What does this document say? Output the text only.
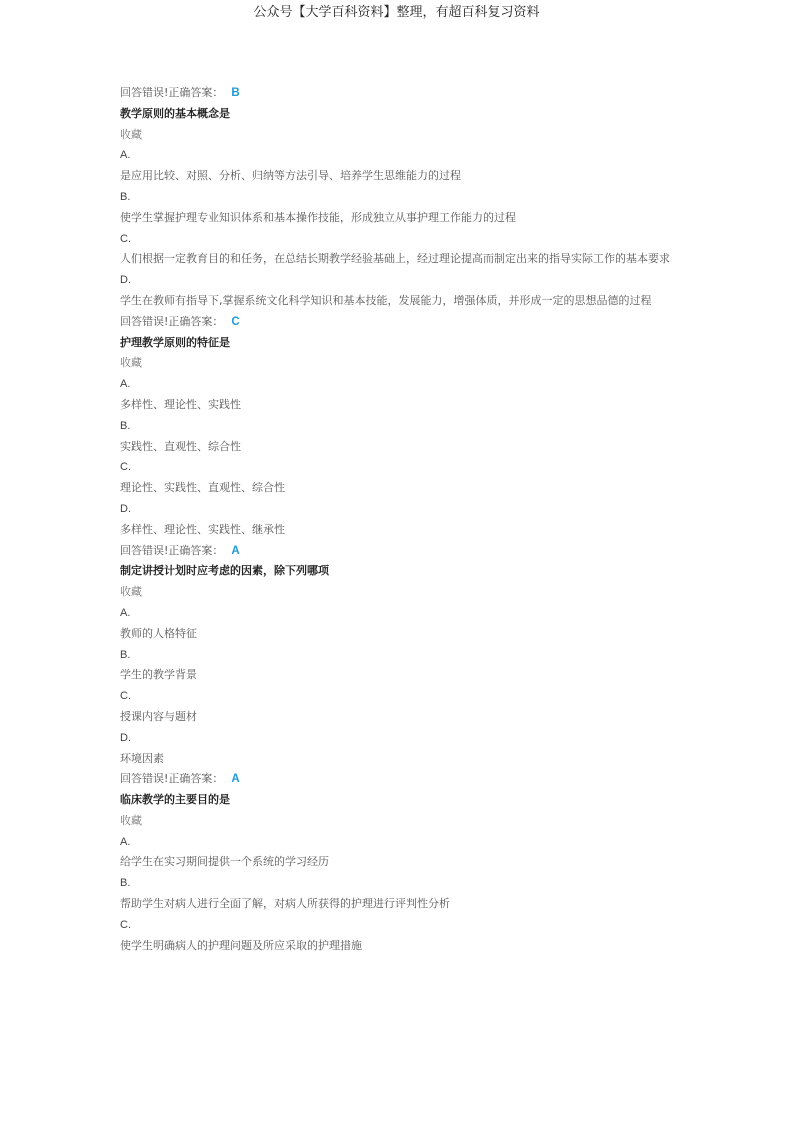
公众号【大学百科资料】整理，有超百科复习资料
回答错误!正确答案： B
教学原则的基本概念是
收藏
A.
是应用比较、对照、分析、归纳等方法引导、培养学生思维能力的过程
B.
使学生掌握护理专业知识体系和基本操作技能，形成独立从事护理工作能力的过程
C.
人们根据一定教育目的和任务，在总结长期教学经验基础上，经过理论提高而制定出来的指导实际工作的基本要求
D.
学生在教师有指导下,掌握系统文化科学知识和基本技能，发展能力，增强体质，并形成一定的思想品德的过程
回答错误!正确答案： C
护理教学原则的特征是
收藏
A.
多样性、理论性、实践性
B.
实践性、直观性、综合性
C.
理论性、实践性、直观性、综合性
D.
多样性、理论性、实践性、继承性
回答错误!正确答案： A
制定讲授计划时应考虑的因素，除下列哪项
收藏
A.
教师的人格特征
B.
学生的教学背景
C.
授课内容与题材
D.
环境因素
回答错误!正确答案： A
临床教学的主要目的是
收藏
A.
给学生在实习期间提供一个系统的学习经历
B.
帮助学生对病人进行全面了解，对病人所获得的护理进行评判性分析
C.
使学生明确病人的护理问题及所应采取的护理措施
